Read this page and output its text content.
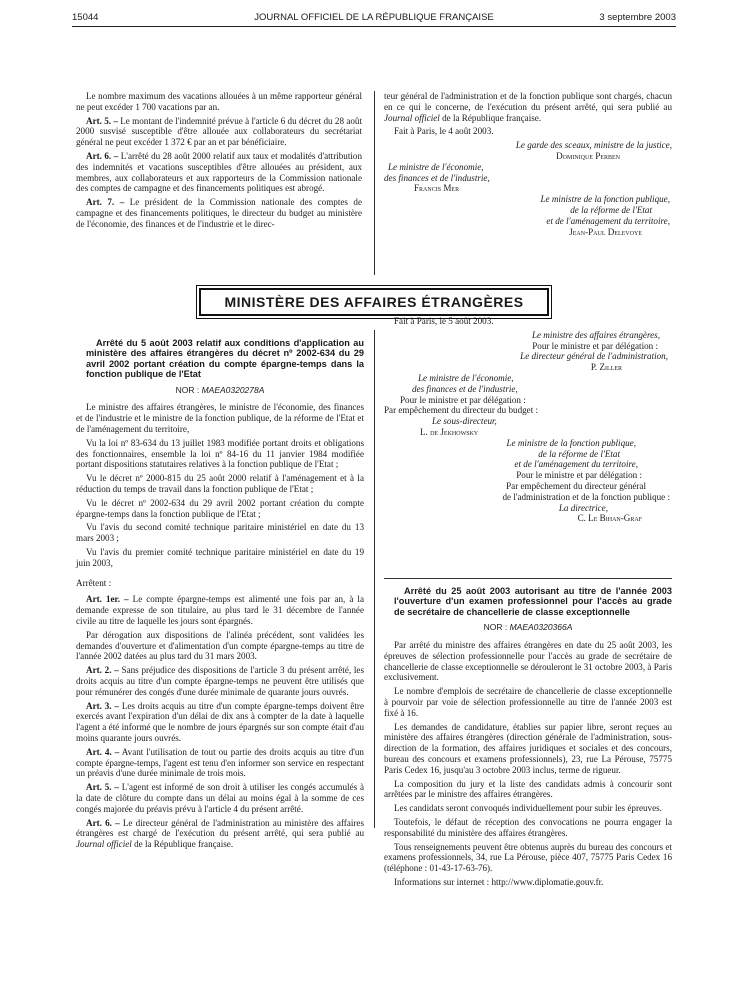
15044	JOURNAL OFFICIEL DE LA RÉPUBLIQUE FRANÇAISE	3 septembre 2003

Le nombre maximum des vacations allouées à un même rapporteur général ne peut excéder 1 700 vacations par an.

Art. 5. – Le montant de l'indemnité prévue à l'article 6 du décret du 28 août 2000 susvisé susceptible d'être allouée aux collaborateurs du secrétariat général ne peut excéder 1 372 € par an et par bénéficiaire.

Art. 6. – L'arrêté du 28 août 2000 relatif aux taux et modalités d'attribution des indemnités et vacations susceptibles d'être allouées au président, aux membres, aux collaborateurs et aux rapporteurs de la Commission nationale des comptes de campagne et des financements politiques est abrogé.

Art. 7. – Le président de la Commission nationale des comptes de campagne et des financements politiques, le directeur du budget au ministère de l'économie, des finances et de l'industrie et le direc-

teur général de l'administration et de la fonction publique sont chargés, chacun en ce qui le concerne, de l'exécution du présent arrêté, qui sera publié au Journal officiel de la République française.

Fait à Paris, le 4 août 2003.

Le garde des sceaux, ministre de la justice,
Dominique Perben
Le ministre de l'économie,
des finances et de l'industrie,
Francis Mer
Le ministre de la fonction publique,
de la réforme de l'Etat
et de l'aménagement du territoire,
Jean-Paul Delevoye
MINISTÈRE DES AFFAIRES ÉTRANGÈRES

Arrêté du 5 août 2003 relatif aux conditions d'application au ministère des affaires étrangères du décret nº 2002-634 du 29 avril 2002 portant création du compte épargne-temps dans la fonction publique de l'Etat

NOR : MAEA0320278A

Le ministre des affaires étrangères, le ministre de l'économie, des finances et de l'industrie et le ministre de la fonction publique, de la réforme de l'Etat et de l'aménagement du territoire,

Vu la loi nº 83-634 du 13 juillet 1983 modifiée portant droits et obligations des fonctionnaires, ensemble la loi nº 84-16 du 11 janvier 1984 modifiée portant dispositions statutaires relatives à la fonction publique de l'Etat ;

Vu le décret nº 2000-815 du 25 août 2000 relatif à l'aménagement et à la réduction du temps de travail dans la fonction publique de l'Etat ;

Vu le décret nº 2002-634 du 29 avril 2002 portant création du compte épargne-temps dans la fonction publique de l'Etat ;

Vu l'avis du second comité technique paritaire ministériel en date du 13 mars 2003 ;

Vu l'avis du premier comité technique paritaire ministériel en date du 19 juin 2003,

Arrêtent :

Art. 1er. – Le compte épargne-temps est alimenté une fois par an, à la demande expresse de son titulaire, au plus tard le 31 décembre de l'année civile au titre de laquelle les jours sont épargnés.

Par dérogation aux dispositions de l'alinéa précédent, sont validées les demandes d'ouverture et d'alimentation d'un compte épargne-temps au titre de l'année 2002 datées au plus tard du 31 mars 2003.

Art. 2. – Sans préjudice des dispositions de l'article 3 du présent arrêté, les droits acquis au titre d'un compte épargne-temps ne peuvent être utilisés que pour rémunérer des congés d'une durée minimale de quarante jours ouvrés.

Art. 3. – Les droits acquis au titre d'un compte épargne-temps doivent être exercés avant l'expiration d'un délai de dix ans à compter de la date à laquelle l'agent a été informé que le nombre de jours épargnés sur son compte était d'au moins quarante jours ouvrés.

Art. 4. – Avant l'utilisation de tout ou partie des droits acquis au titre d'un compte épargne-temps, l'agent est tenu d'en informer son service en respectant un préavis d'une durée minimale de trois mois.

Art. 5. – L'agent est informé de son droit à utiliser les congés accumulés à la date de clôture du compte dans un délai au moins égal à la somme de ces congés majorée du préavis prévu à l'article 4 du présent arrêté.

Art. 6. – Le directeur général de l'administration au ministère des affaires étrangères est chargé de l'exécution du présent arrêté, qui sera publié au Journal officiel de la République française.

Fait à Paris, le 5 août 2003.

Le ministre des affaires étrangères,
Pour le ministre et par délégation :
Le directeur général de l'administration,
P. Ziller
Le ministre de l'économie,
des finances et de l'industrie,
Pour le ministre et par délégation :
Par empêchement du directeur du budget :
Le sous-directeur,
L. de Jekhowsky
Le ministre de la fonction publique,
de la réforme de l'Etat
et de l'aménagement du territoire,
Pour le ministre et par délégation :
Par empêchement du directeur général
de l'administration et de la fonction publique :
La directrice,
C. Le Bihan-Graf

Arrêté du 25 août 2003 autorisant au titre de l'année 2003 l'ouverture d'un examen professionnel pour l'accès au grade de secrétaire de chancellerie de classe exceptionnelle

NOR : MAEA0320366A

Par arrêté du ministre des affaires étrangères en date du 25 août 2003, les épreuves de sélection professionnelle pour l'accès au grade de secrétaire de chancellerie de classe exceptionnelle se dérouleront le 31 octobre 2003, à Paris exclusivement.

Le nombre d'emplois de secrétaire de chancellerie de classe exceptionnelle à pourvoir par voie de sélection professionnelle au titre de l'année 2003 est fixé à 16.

Les demandes de candidature, établies sur papier libre, seront reçues au ministère des affaires étrangères (direction générale de l'administration, sous-direction de la formation, des affaires juridiques et sociales et des concours, bureau des concours et examens professionnels), 23, rue La Pérouse, 75775 Paris Cedex 16, jusqu'au 3 octobre 2003 inclus, terme de rigueur.

La composition du jury et la liste des candidats admis à concourir sont arrêtées par le ministre des affaires étrangères.

Les candidats seront convoqués individuellement pour subir les épreuves.

Toutefois, le défaut de réception des convocations ne pourra engager la responsabilité du ministère des affaires étrangères.

Tous renseignements peuvent être obtenus auprès du bureau des concours et examens professionnels, 34, rue La Pérouse, pièce 407, 75775 Paris Cedex 16 (téléphone : 01-43-17-63-76).

Informations sur internet : http://www.diplomatie.gouv.fr.
